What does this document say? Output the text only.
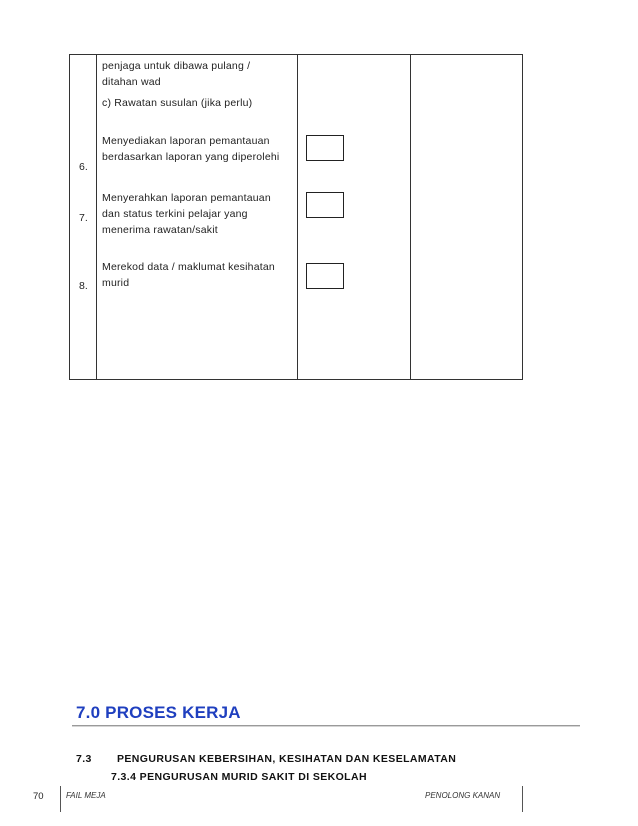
penjaga untuk dibawa pulang /
ditahan wad
c) Rawatan susulan (jika perlu)
6.
Menyediakan laporan pemantauan
berdasarkan laporan yang diperolehi
7.
Menyerahkan laporan pemantauan
dan status terkini pelajar yang
menerima rawatan/sakit
8.
Merekod data / maklumat kesihatan
murid
7.0 PROSES KERJA
7.3 PENGURUSAN KEBERSIHAN, KESIHATAN DAN KESELAMATAN
7.3.4 PENGURUSAN MURID SAKIT DI SEKOLAH
70	FAIL MEJA	PENOLONG KANAN
